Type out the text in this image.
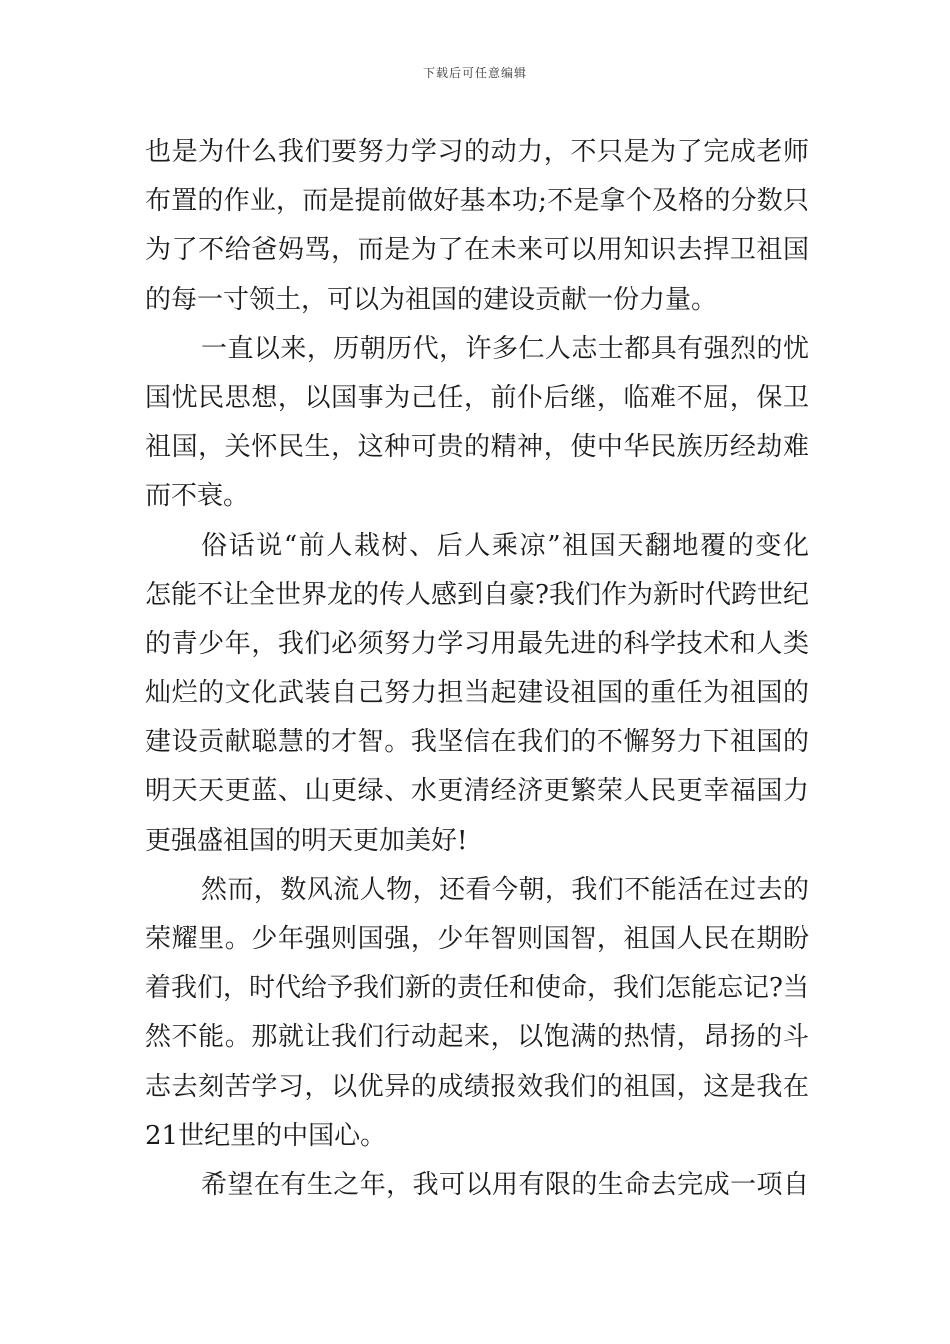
下载后可任意编辑
也是为什么我们要努力学习的动力，不只是为了完成老师
布置的作业，而是提前做好基本功;不是拿个及格的分数只
为了不给爸妈骂，而是为了在未来可以用知识去捍卫祖国
的每一寸领土，可以为祖国的建设贡献一份力量。
一直以来，历朝历代，许多仁人志士都具有强烈的忧
国忧民思想，以国事为己任，前仆后继，临难不屈，保卫
祖国，关怀民生，这种可贵的精神，使中华民族历经劫难
而不衰。
俗话说“前人栽树、后人乘凉”祖国天翻地覆的变化
怎能不让全世界龙的传人感到自豪?我们作为新时代跨世纪
的青少年，我们必须努力学习用最先进的科学技术和人类
灿烂的文化武装自己努力担当起建设祖国的重任为祖国的
建设贡献聪慧的才智。我坚信在我们的不懈努力下祖国的
明天天更蓝、山更绿、水更清经济更繁荣人民更幸福国力
更强盛祖国的明天更加美好!
然而，数风流人物，还看今朝，我们不能活在过去的
荣耀里。少年强则国强，少年智则国智，祖国人民在期盼
着我们，时代给予我们新的责任和使命，我们怎能忘记?当
然不能。那就让我们行动起来，以饱满的热情，昂扬的斗
志去刻苦学习，以优异的成绩报效我们的祖国，这是我在
21世纪里的中国心。
希望在有生之年，我可以用有限的生命去完成一项自
